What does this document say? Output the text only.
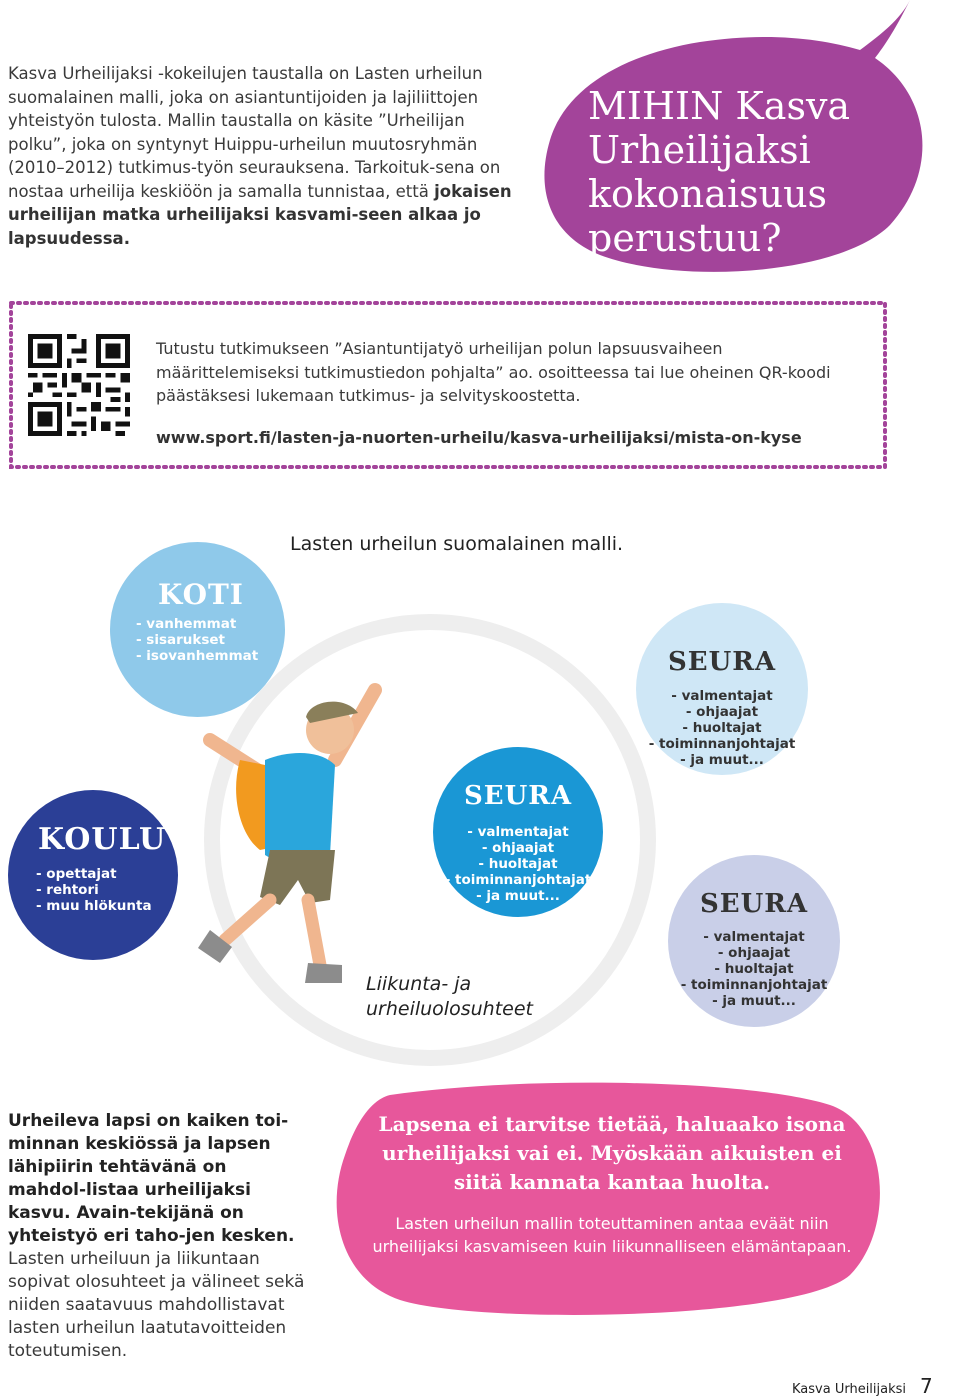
Kasva Urheilijaksi -kokeilujen taustalla on Lasten urheilun suomalainen malli, joka on asiantuntijoiden ja lajiliittojen yhteistyön tulosta. Mallin taustalla on käsite ”Urheilijan polku”, joka on syntynyt Huippu-urheilun muutosryhmän (2010–2012) tutkimus-työn seurauksena. Tarkoituk-sena on nostaa urheilija keskiöön ja samalla tunnistaa, että jokaisen urheilijan matka urheilijaksi kasvami-seen alkaa jo lapsuudessa.
MIHIN Kasva Urheilijaksi kokonaisuus perustuu?
Tutustu tutkimukseen ”Asiantuntijatyö urheilijan polun lapsuusvaiheen määrittelemiseksi tutkimustiedon pohjalta” ao. osoitteessa tai lue oheinen QR-koodi päästäksesi lukemaan tutkimus- ja selvityskoostetta.
www.sport.fi/lasten-ja-nuorten-urheilu/kasva-urheilijaksi/mista-on-kyse
Lasten urheilun suomalainen malli.
KOTI
- vanhemmat
- sisarukset
- isovanhemmat	SEURA
- valmentajat
- ohjaajat
- huoltajat
- toiminnanjohtajat
- ja muut...
SEURA
- valmentajat
- ohjaajat
- huoltajat
- toiminnanjohtajat
- ja muut...
KOULU
- opettajat
- rehtori
- muu hlökunta	SEURA
- valmentajat
- ohjaajat
- huoltajat
- toiminnanjohtajat
- ja muut...
Liikunta- ja
urheiluolosuhteet
Urheileva lapsi on kaiken toi-minnan keskiössä ja lapsen lähipiirin tehtävänä on mahdol-listaa urheilijaksi kasvu. Avain-tekijänä on yhteistyö eri taho-jen kesken. Lasten urheiluun ja liikuntaan sopivat olosuhteet ja välineet sekä niiden saatavuus mahdollistavat lasten urheilun laatutavoitteiden toteutumisen.
Lapsena ei tarvitse tietää, haluaako isona urheilijaksi vai ei. Myöskään aikuisten ei siitä kannata kantaa huolta.
Lasten urheilun mallin toteuttaminen antaa eväät niin urheilijaksi kasvamiseen kuin liikunnalliseen elämäntapaan.
Kasva Urheilijaksi 7
